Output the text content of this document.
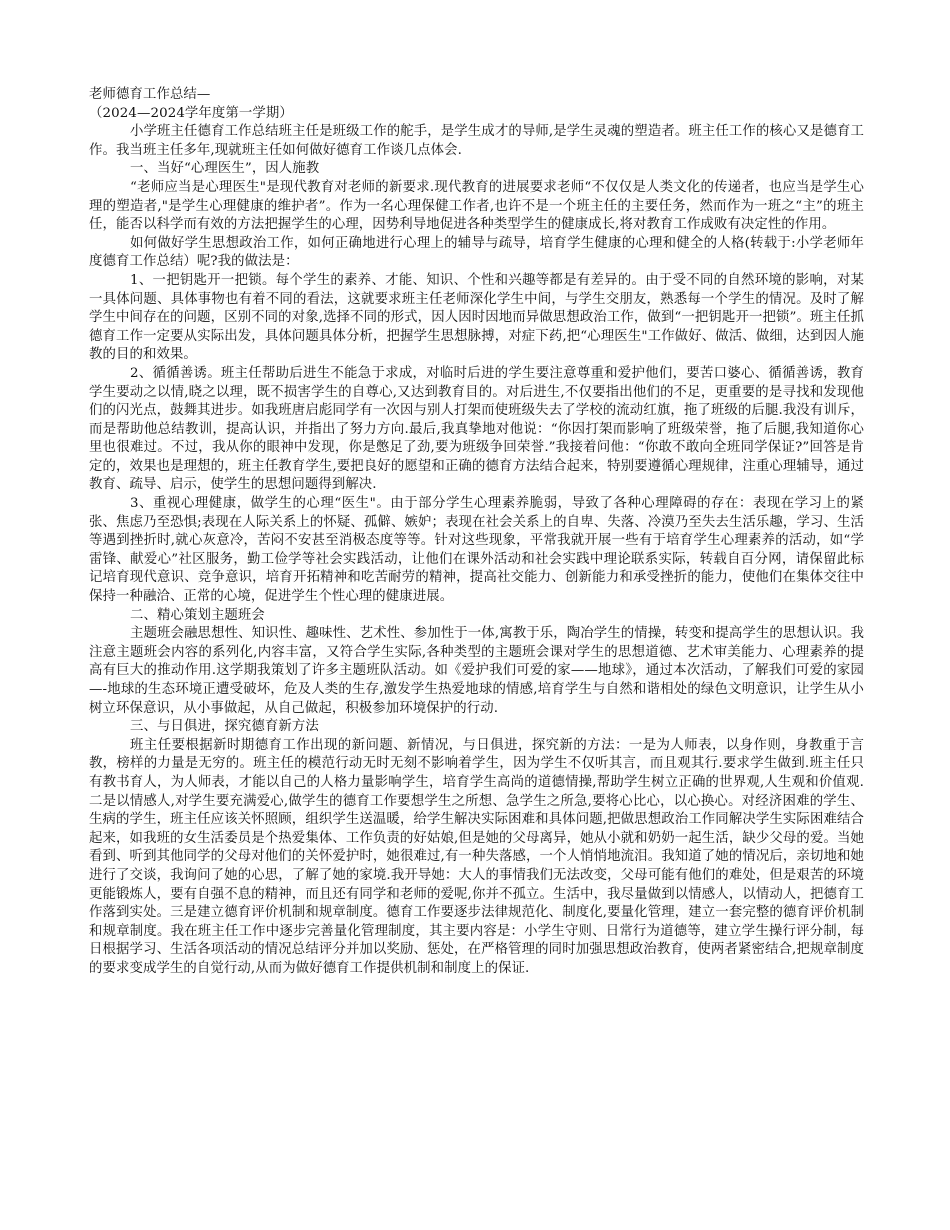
老师德育工作总结—

（2024—2024学年度第一学期）

小学班主任德育工作总结班主任是班级工作的舵手，是学生成才的导师,是学生灵魂的塑造者。班主任工作的核心又是德育工作。我当班主任多年,现就班主任如何做好德育工作谈几点体会.

一、当好“心理医生”，因人施教

“老师应当是心理医生"是现代教育对老师的新要求.现代教育的进展要求老师“不仅仅是人类文化的传递者，也应当是学生心理的塑造者,"是学生心理健康的维护者”。作为一名心理保健工作者,也许不是一个班主任的主要任务，然而作为一班之“主”的班主任，能否以科学而有效的方法把握学生的心理，因势利导地促进各种类型学生的健康成长,将对教育工作成败有决定性的作用。

如何做好学生思想政治工作，如何正确地进行心理上的辅导与疏导，培育学生健康的心理和健全的人格(转载于:小学老师年度德育工作总结）呢?我的做法是：

1、一把钥匙开一把锁。每个学生的素养、才能、知识、个性和兴趣等都是有差异的。由于受不同的自然环境的影响，对某一具体问题、具体事物也有着不同的看法，这就要求班主任老师深化学生中间，与学生交朋友，熟悉每一个学生的情况。及时了解学生中间存在的问题，区别不同的对象,选择不同的形式，因人因时因地而异做思想政治工作，做到“一把钥匙开一把锁”。班主任抓德育工作一定要从实际出发，具体问题具体分析，把握学生思想脉搏，对症下药,把“心理医生"工作做好、做活、做细，达到因人施教的目的和效果。

2、循循善诱。班主任帮助后进生不能急于求成，对临时后进的学生要注意尊重和爱护他们，要苦口婆心、循循善诱，教育学生要动之以情,晓之以理，既不损害学生的自尊心,又达到教育目的。对后进生,不仅要指出他们的不足，更重要的是寻找和发现他们的闪光点，鼓舞其进步。如我班唐启彪同学有一次因与别人打架而使班级失去了学校的流动红旗，拖了班级的后腿.我没有训斥，而是帮助他总结教训，提高认识，并指出了努力方向.最后,我真挚地对他说：“你因打架而影响了班级荣誉，拖了后腿,我知道你心里也很难过。不过，我从你的眼神中发现，你是憋足了劲,要为班级争回荣誉.”我接着问他：“你敢不敢向全班同学保证?”回答是肯定的，效果也是理想的，班主任教育学生,要把良好的愿望和正确的德育方法结合起来，特别要遵循心理规律，注重心理辅导，通过教育、疏导、启示，使学生的思想问题得到解决.

3、重视心理健康，做学生的心理“医生"。由于部分学生心理素养脆弱，导致了各种心理障碍的存在：表现在学习上的紧张、焦虑乃至恐惧;表现在人际关系上的怀疑、孤僻、嫉妒；表现在社会关系上的自卑、失落、冷漠乃至失去生活乐趣，学习、生活等遇到挫折时,就心灰意冷，苦闷不安甚至消极态度等等。针对这些现象，平常我就开展一些有于培育学生心理素养的活动，如“学雷锋、献爱心”社区服务，勤工俭学等社会实践活动，让他们在课外活动和社会实践中理论联系实际，转载自百分网，请保留此标记培育现代意识、竞争意识，培育开拓精神和吃苦耐劳的精神，提高社交能力、创新能力和承受挫折的能力，使他们在集体交往中保持一种融洽、正常的心境，促进学生个性心理的健康进展。

二、精心策划主题班会

主题班会融思想性、知识性、趣味性、艺术性、参加性于一体,寓教于乐，陶冶学生的情操，转变和提高学生的思想认识。我注意主题班会内容的系列化,内容丰富，又符合学生实际,各种类型的主题班会课对学生的思想道德、艺术审美能力、心理素养的提高有巨大的推动作用.这学期我策划了许多主题班队活动。如《爱护我们可爱的家——地球》，通过本次活动，了解我们可爱的家园—-地球的生态环境正遭受破坏，危及人类的生存,激发学生热爱地球的情感,培育学生与自然和谐相处的绿色文明意识，让学生从小树立环保意识，从小事做起，从自己做起，积极参加环境保护的行动.

三、与日俱进，探究德育新方法

班主任要根据新时期德育工作出现的新问题、新情况，与日俱进，探究新的方法：一是为人师表，以身作则，身教重于言教，榜样的力量是无穷的。班主任的模范行动无时无刻不影响着学生，因为学生不仅听其言，而且观其行.要求学生做到.班主任只有教书育人，为人师表，才能以自己的人格力量影响学生，培育学生高尚的道德情操,帮助学生树立正确的世界观,人生观和价值观.二是以情感人,对学生要充满爱心,做学生的德育工作要想学生之所想、急学生之所急,要将心比心，以心换心。对经济困难的学生、生病的学生，班主任应该关怀照顾，组织学生送温暖，给学生解决实际困难和具体问题,把做思想政治工作同解决学生实际困难结合起来，如我班的女生活委员是个热爱集体、工作负责的好姑娘,但是她的父母离异，她从小就和奶奶一起生活，缺少父母的爱。当她看到、听到其他同学的父母对他们的关怀爱护时，她很难过,有一种失落感，一个人悄悄地流泪。我知道了她的情况后，亲切地和她进行了交谈，我询问了她的心思，了解了她的家境.我开导她：大人的事情我们无法改变，父母可能有他们的难处，但是艰苦的环境更能锻炼人，要有自强不息的精神，而且还有同学和老师的爱呢,你并不孤立。生活中，我尽量做到以情感人，以情动人，把德育工作落到实处。三是建立德育评价机制和规章制度。德育工作要逐步法律规范化、制度化,要量化管理，建立一套完整的德育评价机制和规章制度。我在班主任工作中逐步完善量化管理制度，其主要内容是：小学生守则、日常行为道德等，建立学生操行评分制，每日根据学习、生活各项活动的情况总结评分并加以奖励、惩处，在严格管理的同时加强思想政治教育，使两者紧密结合,把规章制度的要求变成学生的自觉行动,从而为做好德育工作提供机制和制度上的保证.
